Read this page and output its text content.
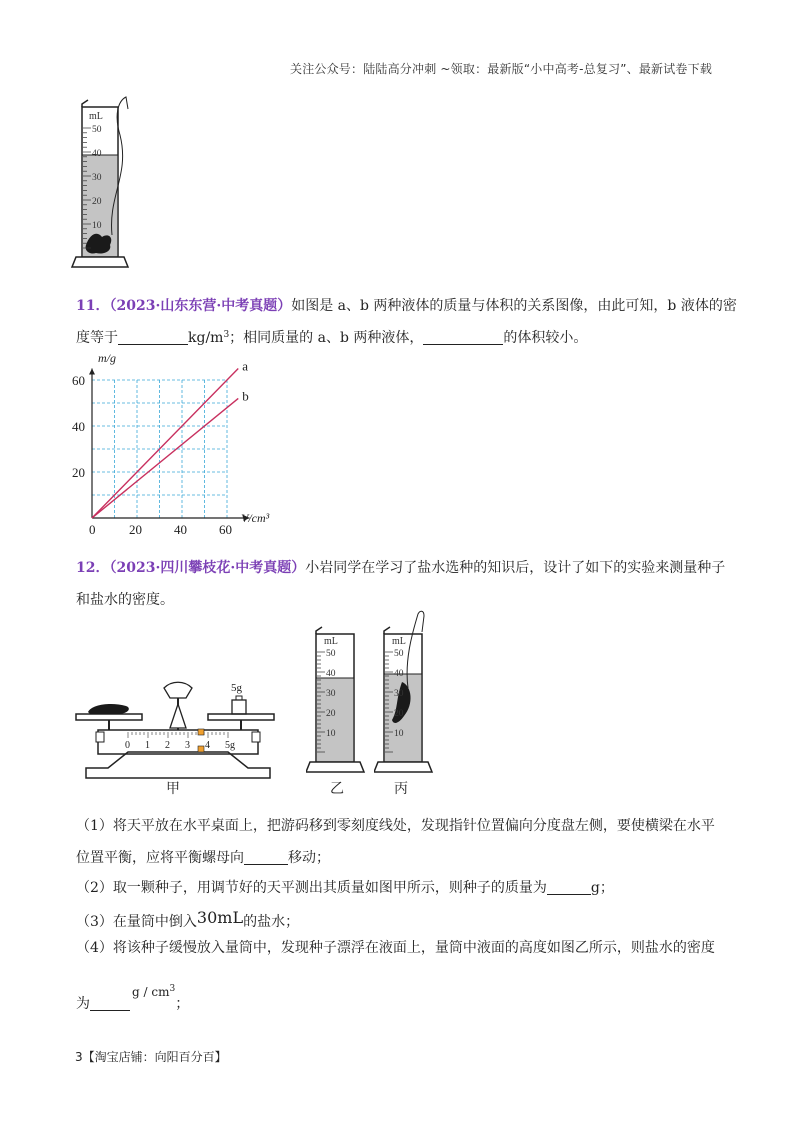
关注公众号：陆陆高分冲刺 ~领取：最新版“小中高考-总复习”、最新试卷下载
50
40
30
20
10
mL
11．（2023·山东东营·中考真题）如图是 a、b 两种液体的质量与体积的关系图像，由此可知，b 液体的密
度等于	$kg/m^3$；相同质量的 a、b 两种液体，	的体积较小。
0	20 40 60
20
40
60
V/cm³
m/g
a
b
12．（2023·四川攀枝花·中考真题）小岩同学在学习了盐水选种的知识后，设计了如下的实验来测量种子
和盐水的密度。
5g
0 1 2 3 4 5g
甲
mL
50
40
30
20
10
乙
mL
50
40
30
20
10
丙
（1）将天平放在水平桌面上，把游码移到零刻度线处，发现指针位置偏向分度盘左侧，要使横梁在水平
位置平衡，应将平衡螺母向	移动；
（2）取一颗种子，用调节好的天平测出其质量如图甲所示，则种子的质量为	g；
（3）在量筒中倒入30mL的盐水；
（4）将该种子缓慢放入量筒中，发现种子漂浮在液面上，量筒中液面的高度如图乙所示，则盐水的密度
为g / $cm^3$；
3【淘宝店铺：向阳百分百】
